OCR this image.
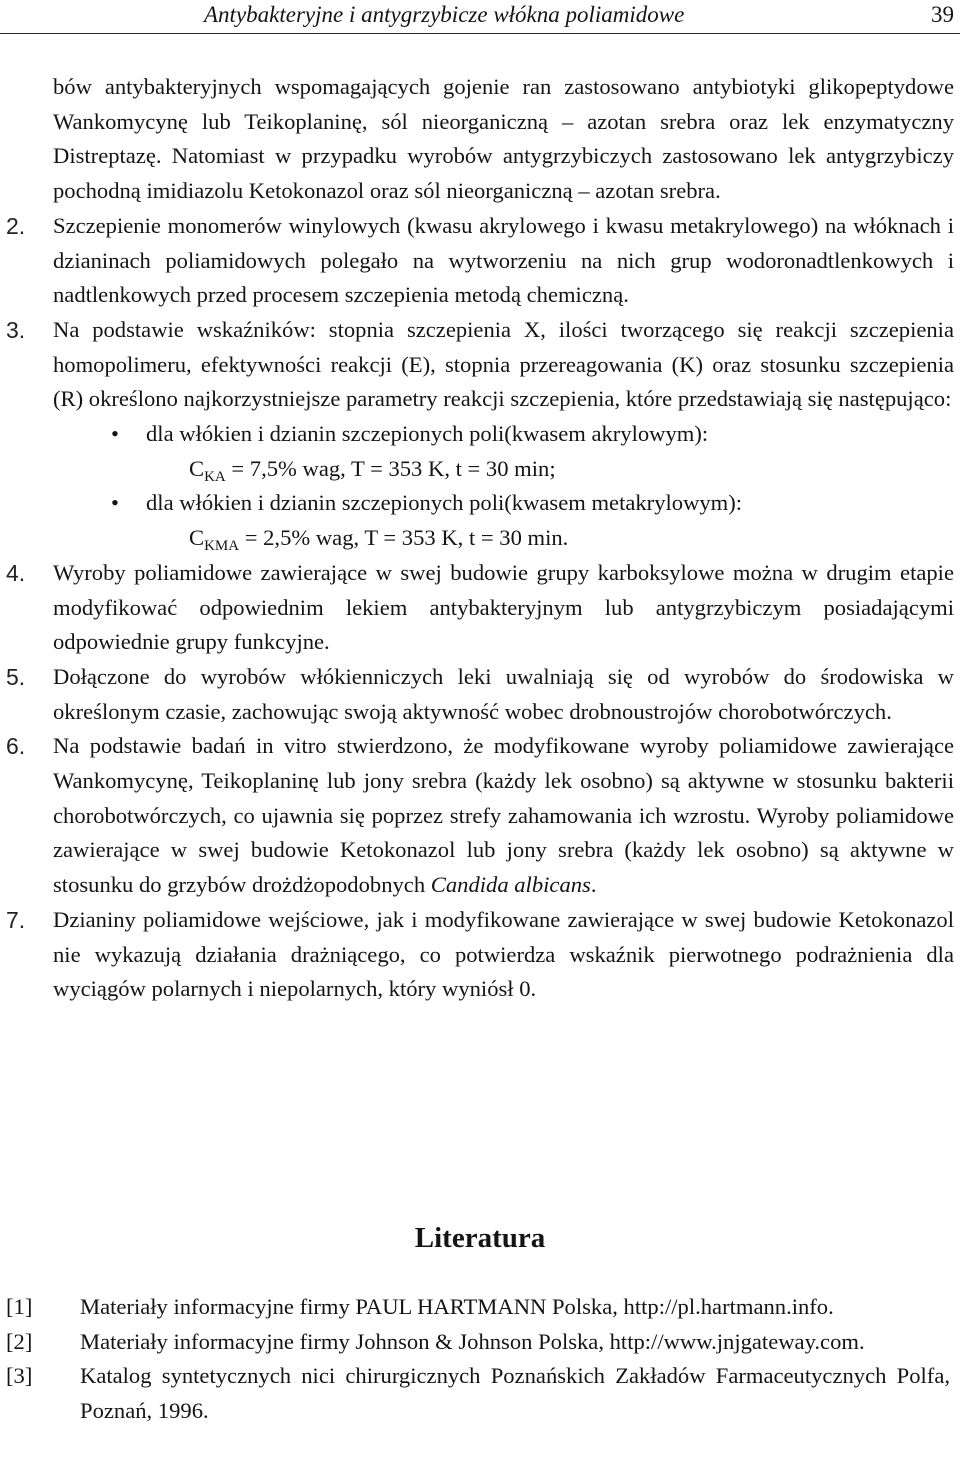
Antybakteryjne i antygrzybicze włókna poliamidowe	39

bów antybakteryjnych wspomagających gojenie ran zastosowano antybiotyki glikopeptydowe Wankomycynę lub Teikoplaninę, sól nieorganiczną – azotan srebra oraz lek enzymatyczny Distreptazę. Natomiast w przypadku wyrobów antygrzybiczych zastosowano lek antygrzybiczy pochodną imidiazolu Ketokonazol oraz sól nieorganiczną – azotan srebra.

2. Szczepienie monomerów winylowych (kwasu akrylowego i kwasu metakrylowego) na włóknach i dzianinach poliamidowych polegało na wytworzeniu na nich grup wodoronadtlenkowych i nadtlenkowych przed procesem szczepienia metodą chemiczną.
3. Na podstawie wskaźników: stopnia szczepienia X, ilości tworzącego się reakcji szczepienia homopolimeru, efektywności reakcji (E), stopnia przereagowania (K) oraz stosunku szczepienia (R) określono najkorzystniejsze parametry reakcji szczepienia, które przedstawiają się następująco:
• dla włókien i dzianin szczepionych poli(kwasem akrylowym):
$C_{KA} = 7,5\%$ wag, T = 353 K, t = 30 min;
• dla włókien i dzianin szczepionych poli(kwasem metakrylowym):
$C_{KMA} = 2,5\%$ wag, T = 353 K, t = 30 min.
4. Wyroby poliamidowe zawierające w swej budowie grupy karboksylowe można w drugim etapie modyfikować odpowiednim lekiem antybakteryjnym lub antygrzybiczym posiadającymi odpowiednie grupy funkcyjne.
5. Dołączone do wyrobów włókienniczych leki uwalniają się od wyrobów do środowiska w określonym czasie, zachowując swoją aktywność wobec drobnoustrojów chorobotwórczych.
6. Na podstawie badań in vitro stwierdzono, że modyfikowane wyroby poliamidowe zawierające Wankomycynę, Teikoplaninę lub jony srebra (każdy lek osobno) są aktywne w stosunku bakterii chorobotwórczych, co ujawnia się poprzez strefy zahamowania ich wzrostu. Wyroby poliamidowe zawierające w swej budowie Ketokonazol lub jony srebra (każdy lek osobno) są aktywne w stosunku do grzybów drożdżopodobnych Candida albicans.
7. Dzianiny poliamidowe wejściowe, jak i modyfikowane zawierające w swej budowie Ketokonazol nie wykazują działania drażniącego, co potwierdza wskaźnik pierwotnego podrażnienia dla wyciągów polarnych i niepolarnych, który wyniósł 0.
Literatura

[1] Materiały informacyjne firmy PAUL HARTMANN Polska, http://pl.hartmann.info.

[2] Materiały informacyjne firmy Johnson & Johnson Polska, http://www.jnjgateway.com.

[3] Katalog syntetycznych nici chirurgicznych Poznańskich Zakładów Farmaceutycznych Polfa, Poznań, 1996.
